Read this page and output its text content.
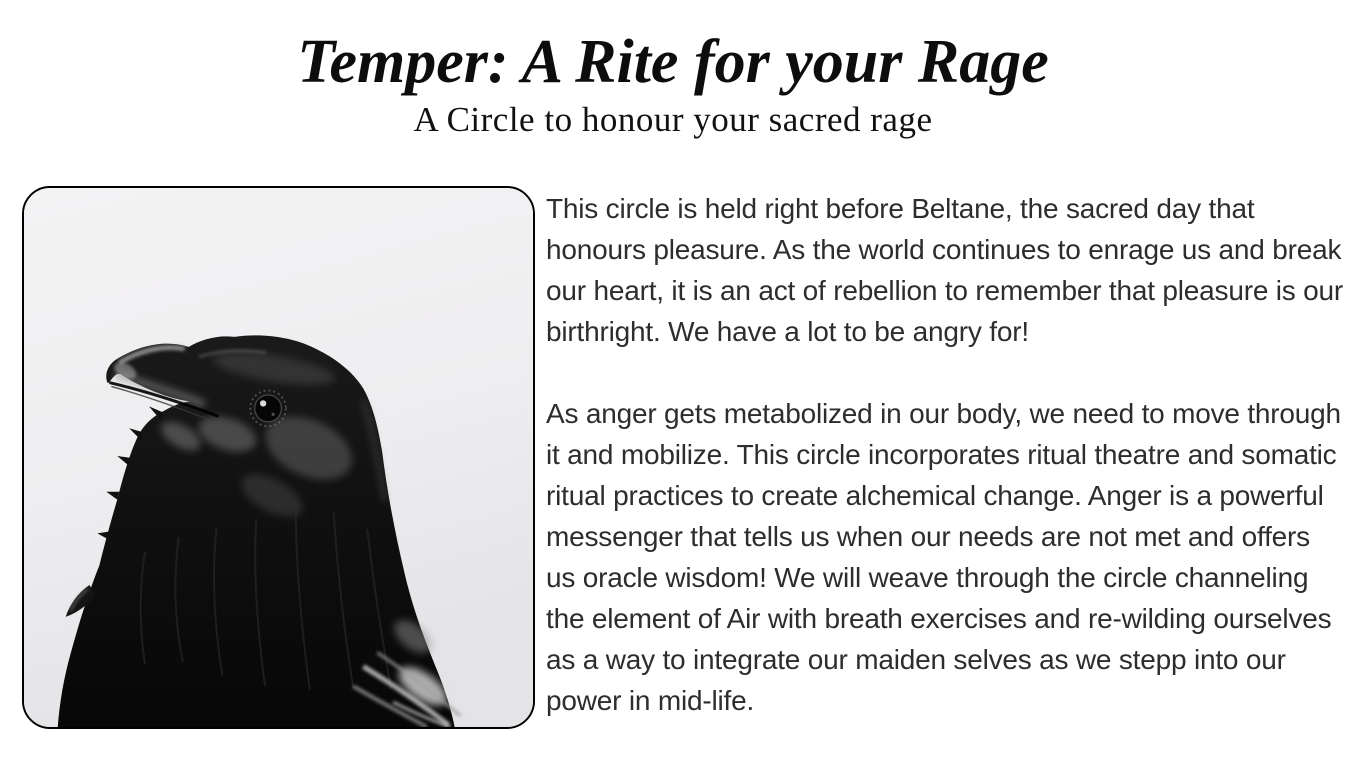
Temper: A Rite for your Rage
A Circle to honour your sacred rage

This circle is held right before Beltane, the sacred day that honours pleasure. As the world continues to enrage us and break our heart, it is an act of rebellion to remember that pleasure is our birthright. We have a lot to be angry for!

As anger gets metabolized in our body, we need to move through it and mobilize. This circle incorporates ritual theatre and somatic ritual practices to create alchemical change. Anger is a powerful messenger that tells us when our needs are not met and offers us oracle wisdom! We will weave through the circle channeling the element of Air with breath exercises and re-wilding ourselves as a way to integrate our maiden selves as we stepp into our power in mid-life.
